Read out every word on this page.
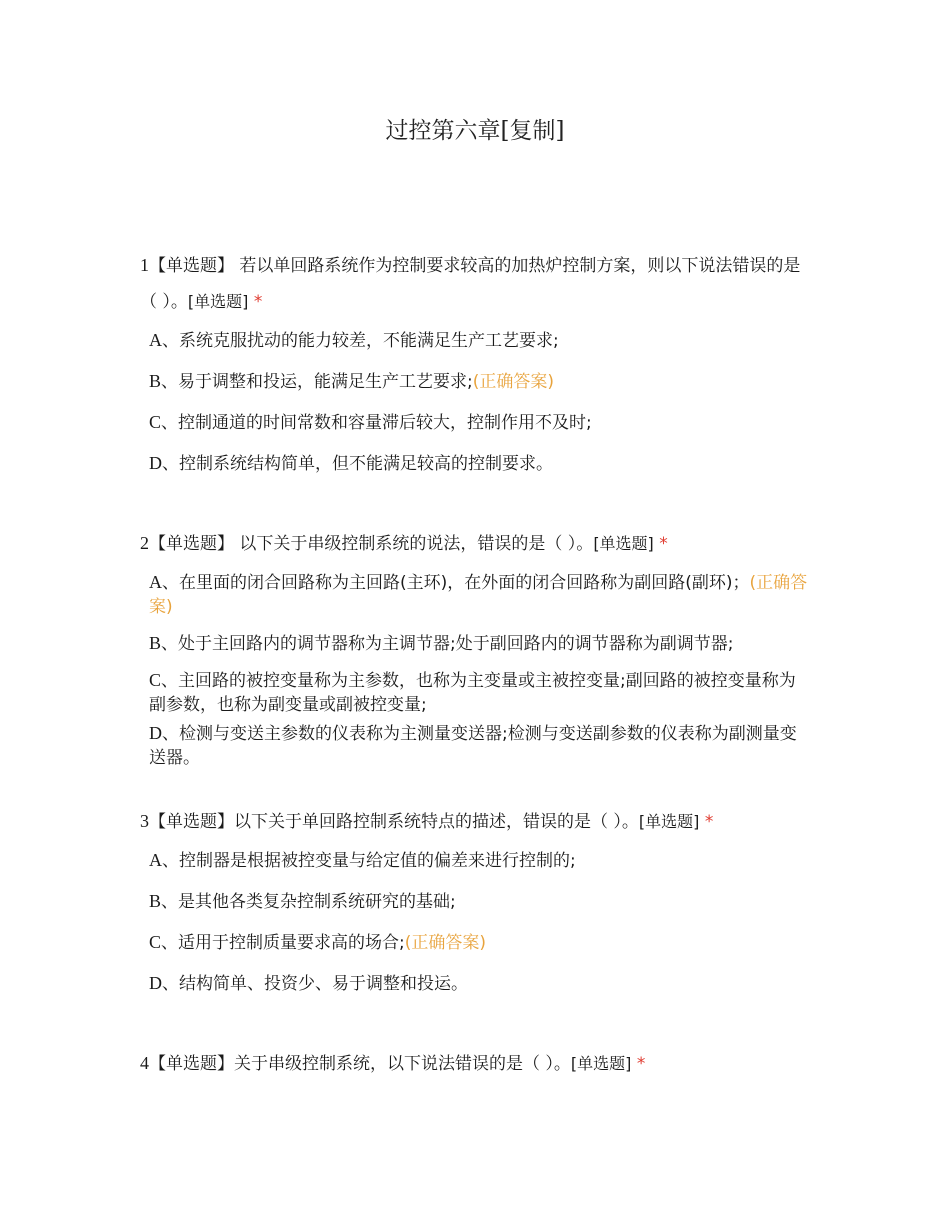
过控第六章[复制]

1【单选题】 若以单回路系统作为控制要求较高的加热炉控制方案，则以下说法错误的是（ ）。[单选题] *

A、系统克服扰动的能力较差，不能满足生产工艺要求;
B、易于调整和投运，能满足生产工艺要求;(正确答案)
C、控制通道的时间常数和容量滞后较大，控制作用不及时;
D、控制系统结构简单，但不能满足较高的控制要求。

2【单选题】 以下关于串级控制系统的说法，错误的是（ ）。[单选题] *

A、在里面的闭合回路称为主回路(主环)，在外面的闭合回路称为副回路(副环)；(正确答案)
B、处于主回路内的调节器称为主调节器;处于副回路内的调节器称为副调节器;
C、主回路的被控变量称为主参数，也称为主变量或主被控变量;副回路的被控变量称为副参数，也称为副变量或副被控变量;
D、检测与变送主参数的仪表称为主测量变送器;检测与变送副参数的仪表称为副测量变送器。

3【单选题】以下关于单回路控制系统特点的描述，错误的是（ ）。[单选题] *

A、控制器是根据被控变量与给定值的偏差来进行控制的;
B、是其他各类复杂控制系统研究的基础;
C、适用于控制质量要求高的场合;(正确答案)
D、结构简单、投资少、易于调整和投运。

4【单选题】关于串级控制系统，以下说法错误的是（ ）。[单选题] *
